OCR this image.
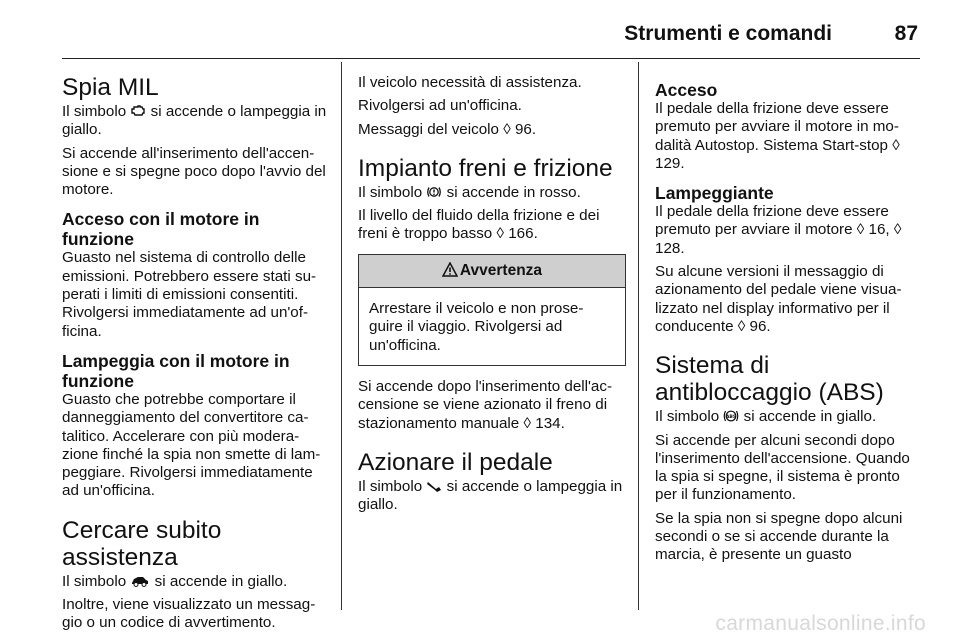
Strumenti e comandi	87
Spia MIL

Il simbolo si accende o lampeggia in giallo.

Si accende all'inserimento dell'accen-sione e si spegne poco dopo l'avvio del motore.

Acceso con il motore in funzione

Guasto nel sistema di controllo delle emissioni. Potrebbero essere stati su-perati i limiti di emissioni consentiti. Rivolgersi immediatamente ad un'of-ficina.

Lampeggia con il motore in funzione

Guasto che potrebbe comportare il danneggiamento del convertitore ca-talitico. Accelerare con più modera-zione finché la spia non smette di lam-peggiare. Rivolgersi immediatamente ad un'officina.

Cercare subito assistenza

Il simbolo si accende in giallo.

Inoltre, viene visualizzato un messag-gio o un codice di avvertimento.

Il veicolo necessità di assistenza.

Rivolgersi ad un'officina.

Messaggi del veicolo ◊ 96.

Impianto freni e frizione

Il simbolo si accende in rosso.

Il livello del fluido della frizione e dei freni è troppo basso ◊ 166.

Avvertenza
Arrestare il veicolo e non prose-guire il viaggio. Rivolgersi ad un'officina.

Si accende dopo l'inserimento dell'ac-censione se viene azionato il freno di stazionamento manuale ◊ 134.

Azionare il pedale

Il simbolo si accende o lampeggia in giallo.

Acceso

Il pedale della frizione deve essere premuto per avviare il motore in mo-dalità Autostop. Sistema Start-stop ◊ 129.

Lampeggiante

Il pedale della frizione deve essere premuto per avviare il motore ◊ 16, ◊ 128.

Su alcune versioni il messaggio di azionamento del pedale viene visua-lizzato nel display informativo per il conducente ◊ 96.

Sistema di antibloccaggio (ABS)

Il simbolo ABS si accende in giallo.

Si accende per alcuni secondi dopo l'inserimento dell'accensione. Quando la spia si spegne, il sistema è pronto per il funzionamento.

Se la spia non si spegne dopo alcuni secondi o se si accende durante la marcia, è presente un guasto

carmanualsonline.info
